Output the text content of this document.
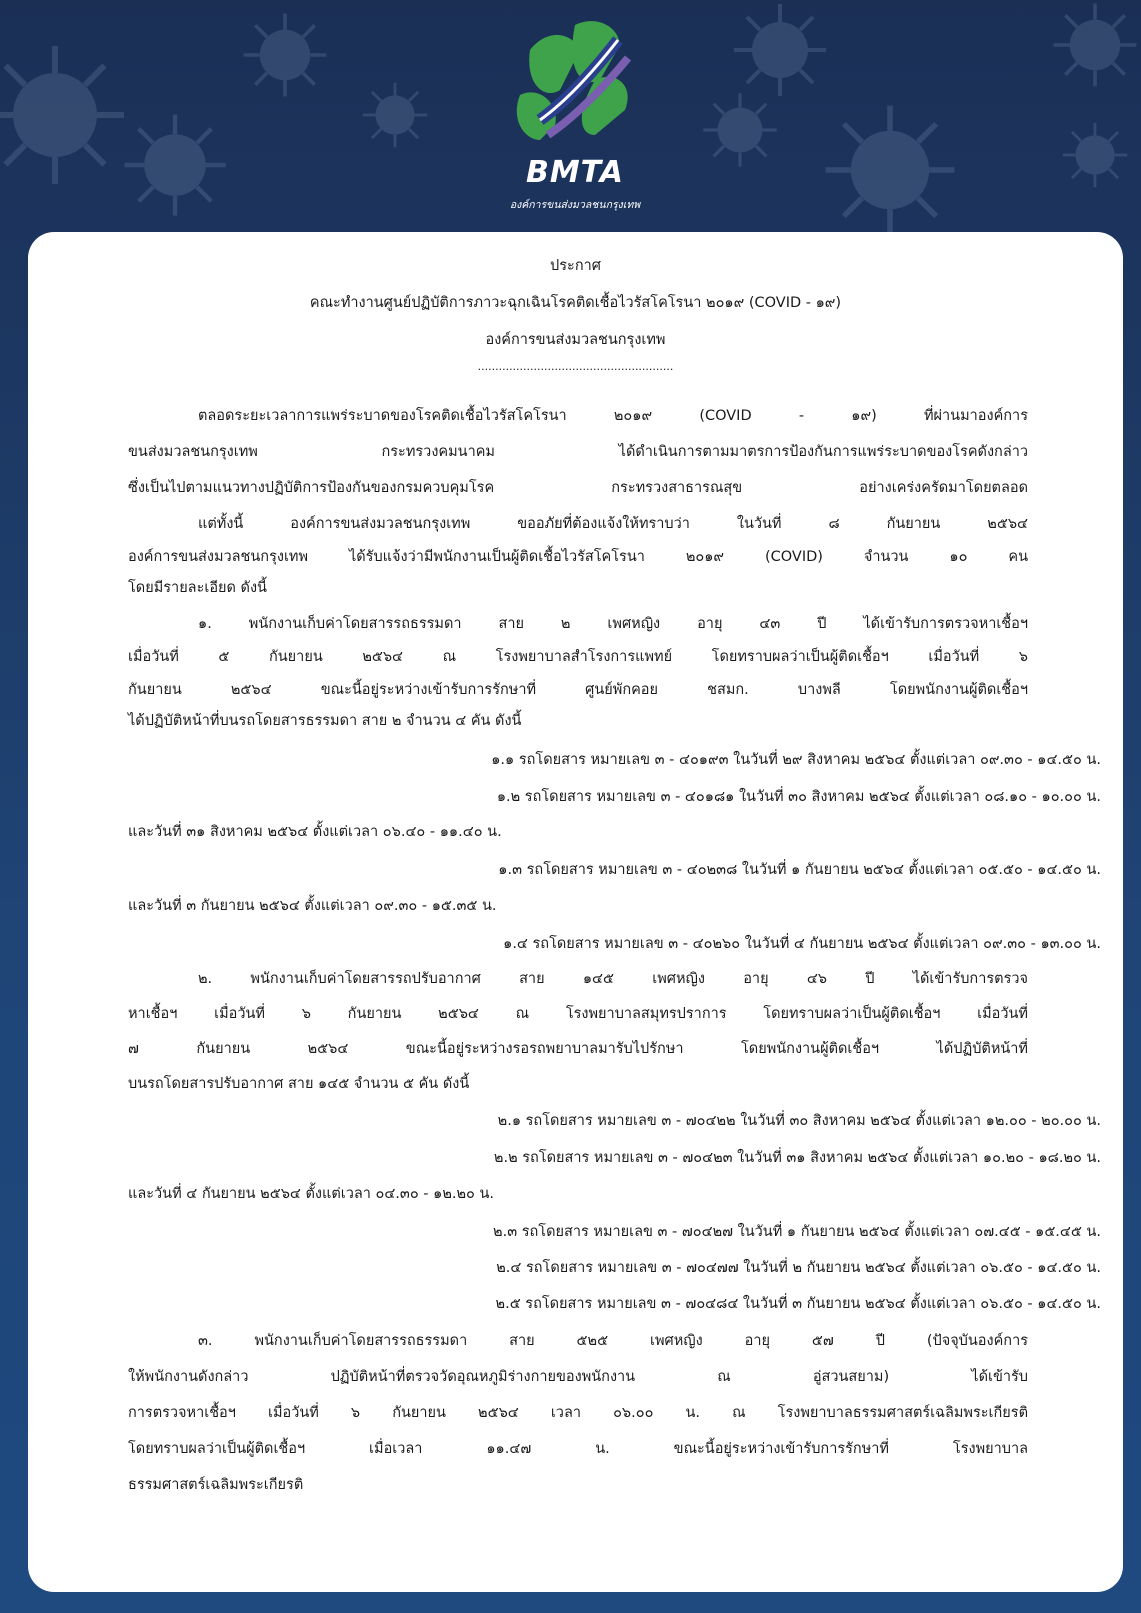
BMTA
องค์การขนส่งมวลชนกรุงเทพ
ประกาศ
คณะทำงานศูนย์ปฏิบัติการภาวะฉุกเฉินโรคติดเชื้อไวรัสโคโรนา ๒๐๑๙ (COVID - ๑๙)
องค์การขนส่งมวลชนกรุงเทพ
........................................................
ตลอดระยะเวลาการแพร่ระบาดของโรคติดเชื้อไวรัสโคโรนา ๒๐๑๙ (COVID - ๑๙) ที่ผ่านมาองค์การ
ขนส่งมวลชนกรุงเทพ กระทรวงคมนาคม ได้ดำเนินการตามมาตรการป้องกันการแพร่ระบาดของโรคดังกล่าว
ซึ่งเป็นไปตามแนวทางปฏิบัติการป้องกันของกรมควบคุมโรค กระทรวงสาธารณสุข อย่างเคร่งครัดมาโดยตลอด
แต่ทั้งนี้ องค์การขนส่งมวลชนกรุงเทพ ขออภัยที่ต้องแจ้งให้ทราบว่า ในวันที่ ๘ กันยายน ๒๕๖๔
องค์การขนส่งมวลชนกรุงเทพ ได้รับแจ้งว่ามีพนักงานเป็นผู้ติดเชื้อไวรัสโคโรนา ๒๐๑๙ (COVID) จำนวน ๑๐ คน
โดยมีรายละเอียด ดังนี้
๑. พนักงานเก็บค่าโดยสารรถธรรมดา สาย ๒ เพศหญิง อายุ ๔๓ ปี ได้เข้ารับการตรวจหาเชื้อฯ
เมื่อวันที่ ๕ กันยายน ๒๕๖๔ ณ โรงพยาบาลสำโรงการแพทย์ โดยทราบผลว่าเป็นผู้ติดเชื้อฯ เมื่อวันที่ ๖
กันยายน ๒๕๖๔ ขณะนี้อยู่ระหว่างเข้ารับการรักษาที่ ศูนย์พักคอย ชสมก. บางพลี โดยพนักงานผู้ติดเชื้อฯ
ได้ปฏิบัติหน้าที่บนรถโดยสารธรรมดา สาย ๒ จำนวน ๔ คัน ดังนี้
๑.๑ รถโดยสาร หมายเลข ๓ - ๔๐๑๙๓ ในวันที่ ๒๙ สิงหาคม ๒๕๖๔ ตั้งแต่เวลา ๐๙.๓๐ - ๑๔.๕๐ น.
๑.๒ รถโดยสาร หมายเลข ๓ - ๔๐๑๘๑ ในวันที่ ๓๐ สิงหาคม ๒๕๖๔ ตั้งแต่เวลา ๐๘.๑๐ - ๑๐.๐๐ น.
และวันที่ ๓๑ สิงหาคม ๒๕๖๔ ตั้งแต่เวลา ๐๖.๔๐ - ๑๑.๔๐ น.
๑.๓ รถโดยสาร หมายเลข ๓ - ๔๐๒๓๘ ในวันที่ ๑ กันยายน ๒๕๖๔ ตั้งแต่เวลา ๐๕.๕๐ - ๑๔.๕๐ น.
และวันที่ ๓ กันยายน ๒๕๖๔ ตั้งแต่เวลา ๐๙.๓๐ - ๑๕.๓๕ น.
๑.๔ รถโดยสาร หมายเลข ๓ - ๔๐๒๖๐ ในวันที่ ๔ กันยายน ๒๕๖๔ ตั้งแต่เวลา ๐๙.๓๐ - ๑๓.๐๐ น.
๒. พนักงานเก็บค่าโดยสารรถปรับอากาศ สาย ๑๔๕ เพศหญิง อายุ ๔๖ ปี ได้เข้ารับการตรวจ
หาเชื้อฯ เมื่อวันที่ ๖ กันยายน ๒๕๖๔ ณ โรงพยาบาลสมุทรปราการ โดยทราบผลว่าเป็นผู้ติดเชื้อฯ เมื่อวันที่
๗ กันยายน ๒๕๖๔ ขณะนี้อยู่ระหว่างรอรถพยาบาลมารับไปรักษา โดยพนักงานผู้ติดเชื้อฯ ได้ปฏิบัติหน้าที่
บนรถโดยสารปรับอากาศ สาย ๑๔๕ จำนวน ๕ คัน ดังนี้
๒.๑ รถโดยสาร หมายเลข ๓ - ๗๐๔๒๒ ในวันที่ ๓๐ สิงหาคม ๒๕๖๔ ตั้งแต่เวลา ๑๒.๐๐ - ๒๐.๐๐ น.
๒.๒ รถโดยสาร หมายเลข ๓ - ๗๐๔๒๓ ในวันที่ ๓๑ สิงหาคม ๒๕๖๔ ตั้งแต่เวลา ๑๐.๒๐ - ๑๘.๒๐ น.
และวันที่ ๔ กันยายน ๒๕๖๔ ตั้งแต่เวลา ๐๔.๓๐ - ๑๒.๒๐ น.
๒.๓ รถโดยสาร หมายเลข ๓ - ๗๐๔๒๗ ในวันที่ ๑ กันยายน ๒๕๖๔ ตั้งแต่เวลา ๐๗.๔๕ - ๑๕.๔๕ น.
๒.๔ รถโดยสาร หมายเลข ๓ - ๗๐๔๗๗ ในวันที่ ๒ กันยายน ๒๕๖๔ ตั้งแต่เวลา ๐๖.๕๐ - ๑๔.๕๐ น.
๒.๕ รถโดยสาร หมายเลข ๓ - ๗๐๔๘๔ ในวันที่ ๓ กันยายน ๒๕๖๔ ตั้งแต่เวลา ๐๖.๕๐ - ๑๔.๕๐ น.
๓. พนักงานเก็บค่าโดยสารรถธรรมดา สาย ๕๒๕ เพศหญิง อายุ ๕๗ ปี (ปัจจุบันองค์การ
ให้พนักงานดังกล่าว ปฏิบัติหน้าที่ตรวจวัดอุณหภูมิร่างกายของพนักงาน ณ อู่สวนสยาม) ได้เข้ารับ
การตรวจหาเชื้อฯ เมื่อวันที่ ๖ กันยายน ๒๕๖๔ เวลา ๐๖.๐๐ น. ณ โรงพยาบาลธรรมศาสตร์เฉลิมพระเกียรติ
โดยทราบผลว่าเป็นผู้ติดเชื้อฯ เมื่อเวลา ๑๑.๔๗ น. ขณะนี้อยู่ระหว่างเข้ารับการรักษาที่ โรงพยาบาล
ธรรมศาสตร์เฉลิมพระเกียรติ
